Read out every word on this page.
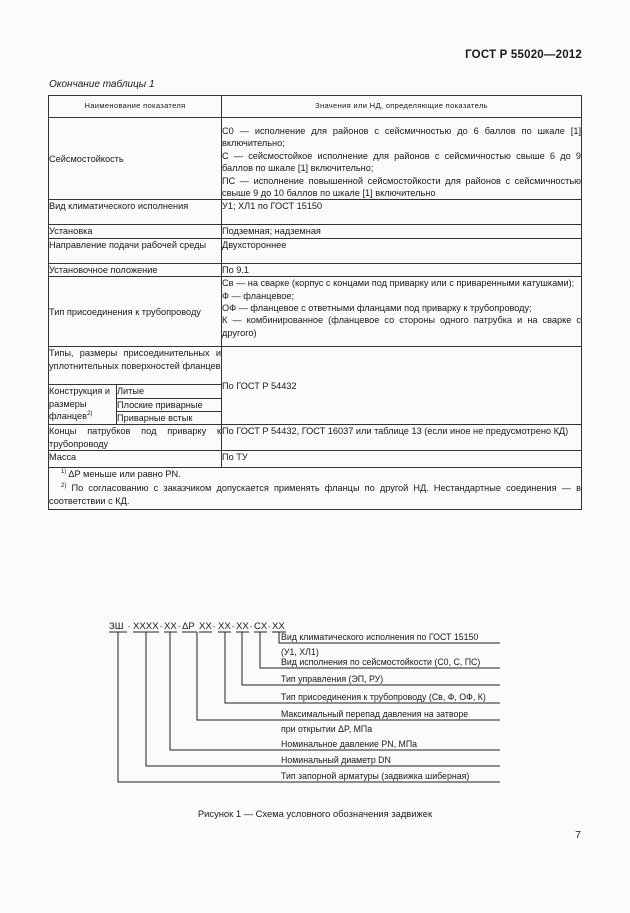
ГОСТ Р 55020—2012
Окончание таблицы 1
Наименование показателя		Значения или НД, определяющие показатель
Сейсмостойкость		С0 — исполнение для районов с сейсмичностью до 6 баллов по шкале [1] включительно;
С — сейсмостойкое исполнение для районов с сейсмичностью свыше 6 до 9 баллов по шкале [1] включительно;
ПС — исполнение повышенной сейсмостойкости для районов с сейсмичностью свыше 9 до 10 баллов по шкале [1] включительно

Вид климатического исполнения		У1; ХЛ1 по ГОСТ 15150
Установка		Подземная; надземная
Направление подачи рабочей среды		Двухстороннее
Установочное положение		По 9.1
Тип присоединения к трубопроводу		Св — на сварке (корпус с концами под приварку или с приваренными катушками);
Ф — фланцевое;
ОФ — фланцевое с ответными фланцами под приварку к трубопроводу;
К — комбинированное (фланцевое со стороны одного патрубка и на сварке с другого)

Типы, размеры присоединительных и уплотнительных поверхностей фланцев		По ГОСТ Р 54432
Конструкция и размеры фланцев$^{2)}$	Литые	
	Плоские приварные	
	Приварные встык	
Концы патрубков под приварку к трубопроводу		По ГОСТ Р 54432, ГОСТ 16037 или таблице 13 (если иное не предусмотрено КД)
Масса		По ТУ

$^{1)}$ ΔP меньше или равно PN.
$^{2)}$ По согласованию с заказчиком допускается применять фланцы по другой НД. Нестандартные соединения — в соответствии с КД.		
ЗШ - XXXX - XX - ΔP XX - XX - XX - CX - XX
Вид климатического исполнения по ГОСТ 15150
(У1, ХЛ1)
Вид исполнения по сейсмостойкости (С0, С, ПС)
Тип управления (ЭП, РУ)
Тип присоединения к трубопроводу (Св, Ф, ОФ, К)
Максимальный перепад давления на затворе
при открытии ΔP, МПа
Номинальное давление PN, МПа
Номинальный диаметр DN
Тип запорной арматуры (задвижка шиберная)
Рисунок 1 — Схема условного обозначения задвижек
7
